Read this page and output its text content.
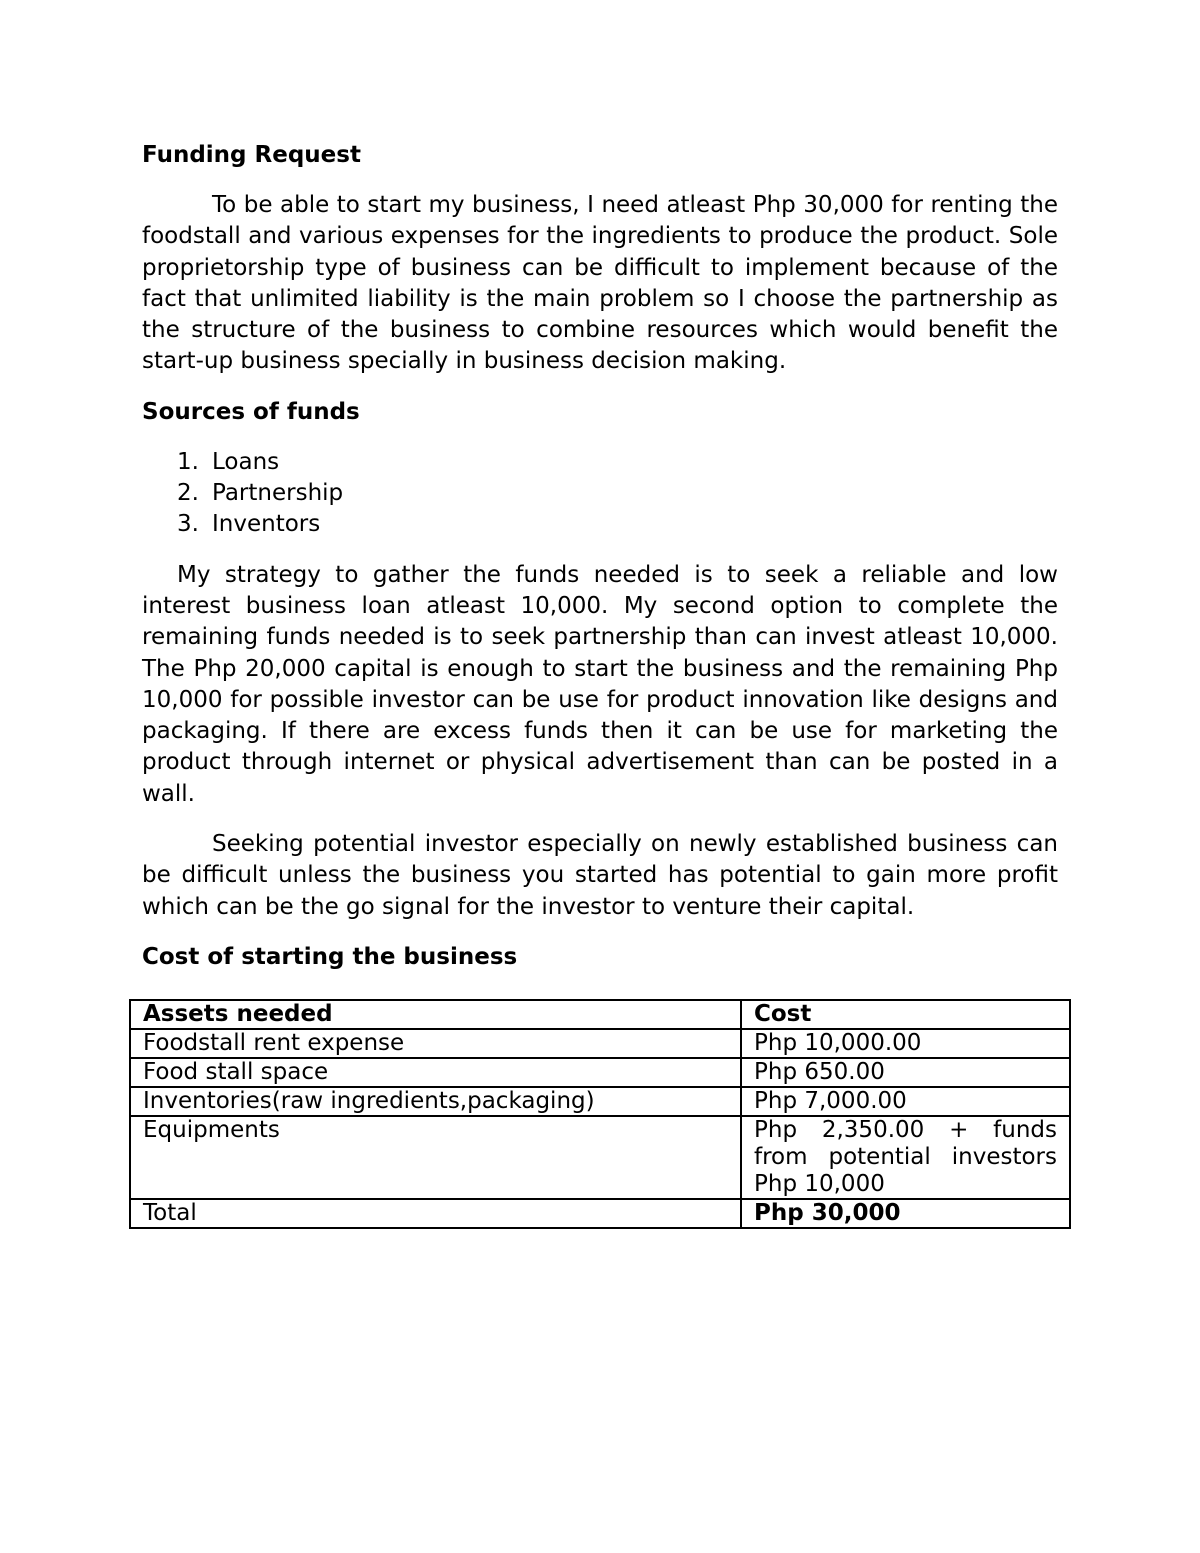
Funding Request

To be able to start my business, I need atleast Php 30,000 for renting the foodstall and various expenses for the ingredients to produce the product. Sole proprietorship type of business can be difficult to implement because of the fact that unlimited liability is the main problem so I choose the partnership as the structure of the business to combine resources which would benefit the start-up business specially in business decision making.

Sources of funds
1. Loans
2. Partnership
3. Inventors

My strategy to gather the funds needed is to seek a reliable and low interest business loan atleast 10,000. My second option to complete the remaining funds needed is to seek partnership than can invest atleast 10,000. The Php 20,000 capital is enough to start the business and the remaining Php 10,000 for possible investor can be use for product innovation like designs and packaging. If there are excess funds then it can be use for marketing the product through internet or physical advertisement than can be posted in a wall.

Seeking potential investor especially on newly established business can be difficult unless the business you started has potential to gain more profit which can be the go signal for the investor to venture their capital.

Cost of starting the business
Assets needed	Cost
Foodstall rent expense	Php 10,000.00
Food stall space	Php 650.00
Inventories(raw ingredients,packaging)	Php 7,000.00
Equipments	Php 2,350.00 + funds from potential investors Php 10,000
Total	Php 30,000
